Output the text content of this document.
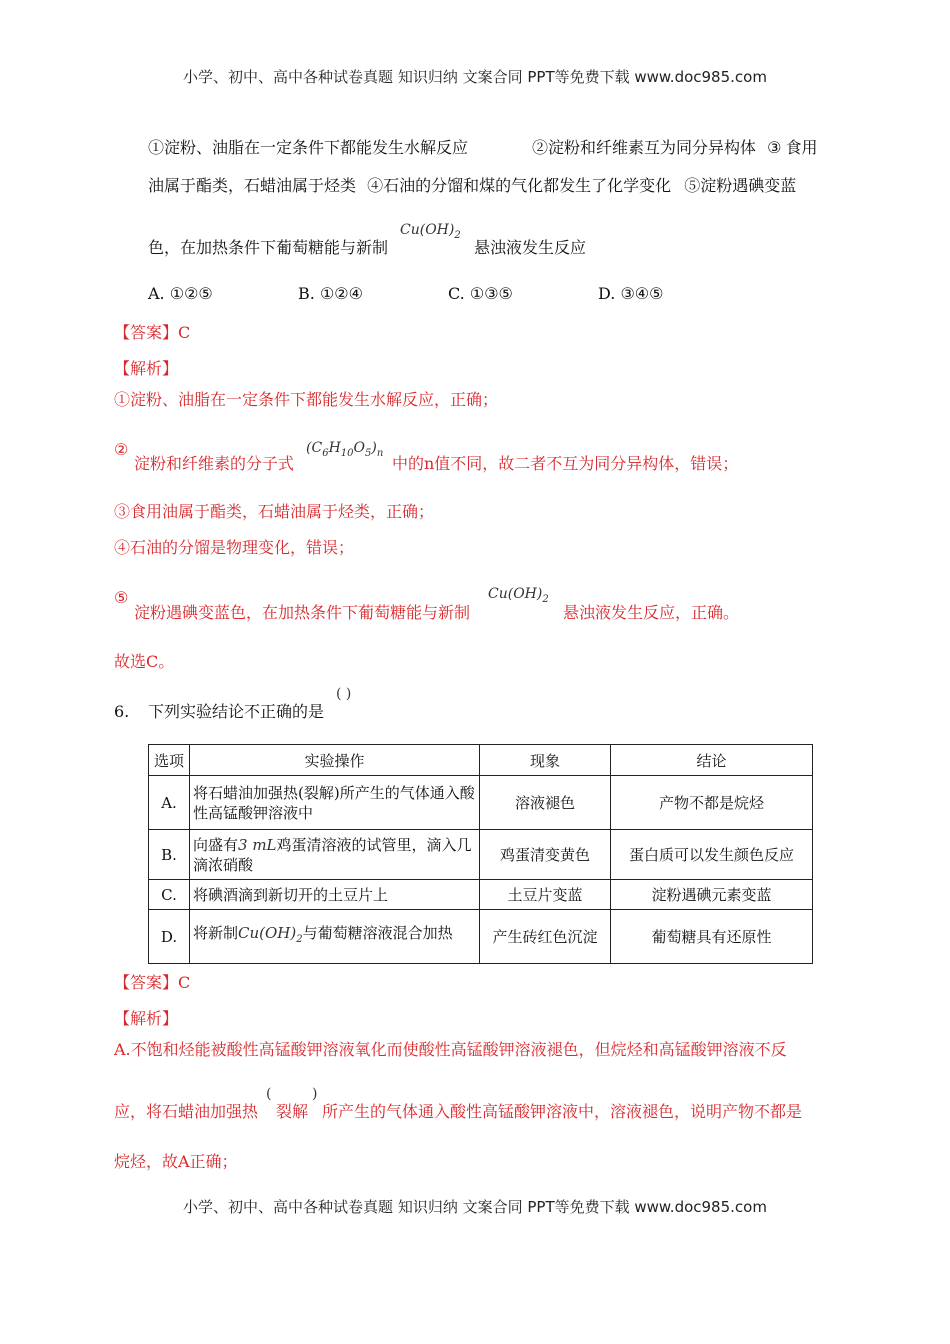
小学、初中、高中各种试卷真题 知识归纳 文案合同 PPT等免费下载 www.doc985.com
①淀粉、油脂在一定条件下都能发生水解反应	②淀粉和纤维素互为同分异构体 ③ 食用
油属于酯类，石蜡油属于烃类 ④石油的分馏和煤的气化都发生了化学变化 ⑤淀粉遇碘变蓝
色，在加热条件下葡萄糖能与新制
$Cu(OH)_2$
悬浊液发生反应
A. ①②⑤	B. ①②④	C. ①③⑤	D. ③④⑤
【答案】C
【解析】
①淀粉、油脂在一定条件下都能发生水解反应，正确；
②
淀粉和纤维素的分子式
$(C_6H_{10}O_5)_n$
中的n值不同，故二者不互为同分异构体，错误；
③食用油属于酯类，石蜡油属于烃类，正确；
④石油的分馏是物理变化，错误；
⑤
淀粉遇碘变蓝色，在加热条件下葡萄糖能与新制
$Cu(OH)_2$
悬浊液发生反应，正确。
故选C。
6. 下列实验结论不正确的是
( )
选项	实验操作	现象	结论
A.	将石蜡油加强热(裂解)所产生的气体通入酸性高锰酸钾溶液中	溶液褪色	产物不都是烷烃
B.	向盛有3 mL鸡蛋清溶液的试管里，滴入几滴浓硝酸	鸡蛋清变黄色	蛋白质可以发生颜色反应
C.	将碘酒滴到新切开的土豆片上	土豆片变蓝	淀粉遇碘元素变蓝
D.	将新制$Cu(OH)_2$与葡萄糖溶液混合加热	产生砖红色沉淀	葡萄糖具有还原性
【答案】C
【解析】
A.不饱和烃能被酸性高锰酸钾溶液氧化而使酸性高锰酸钾溶液褪色，但烷烃和高锰酸钾溶液不反
应，将石蜡油加强热
(
裂解
)
所产生的气体通入酸性高锰酸钾溶液中，溶液褪色，说明产物不都是
烷烃，故A正确；
小学、初中、高中各种试卷真题 知识归纳 文案合同 PPT等免费下载 www.doc985.com
